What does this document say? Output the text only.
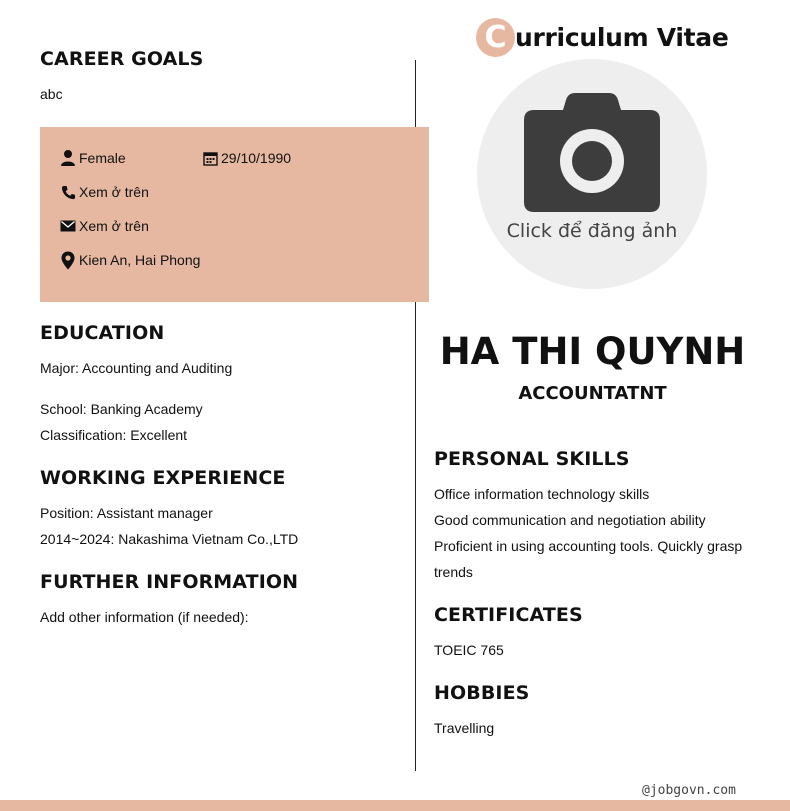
C urriculum Vitae
CAREER GOALS
abc
Female	29/10/1990
Xem ở trên
Xem ở trên
Kien An, Hai Phong
EDUCATION
Major: Accounting and Auditing
School: Banking Academy
Classification: Excellent
WORKING EXPERIENCE
Position: Assistant manager
2014~2024: Nakashima Vietnam Co.,LTD
FURTHER INFORMATION
Add other information (if needed):
Click để đăng ảnh
HA THI QUYNH
ACCOUNTATNT
PERSONAL SKILLS
Office information technology skills
Good communication and negotiation ability
Proficient in using accounting tools. Quickly grasp trends
CERTIFICATES
TOEIC 765
HOBBIES
Travelling
@jobgovn.com
